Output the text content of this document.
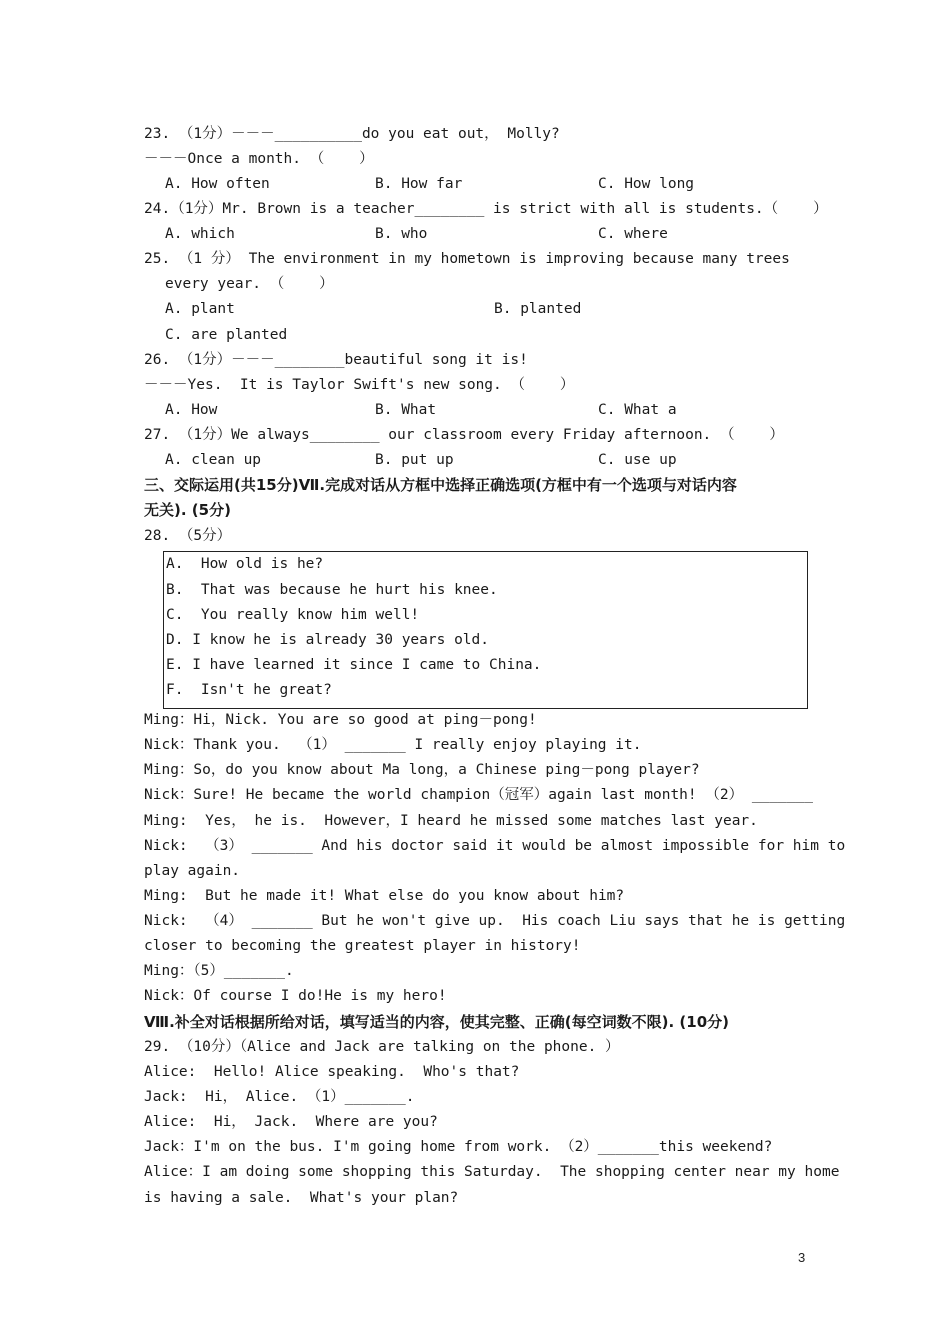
23. （1分）－－－__________do you eat out， Molly?
－－－Once a month. （    ）
A. How often	B. How far	C. How long
24.（1分）Mr. Brown is a teacher________ is strict with all is students.（    ）
A. which	B. who	C. where
25. （1 分） The environment in my hometown is improving because many trees
every year. （    ）
A. plant	B. planted
C. are planted
26. （1分）－－－________beautiful song it is!
－－－Yes.  It is Taylor Swift's new song. （    ）
A. How	B. What	C. What a
27. （1分）We always________ our classroom every Friday afternoon. （    ）
A. clean up	B. put up	C. use up
三、交际运用(共15分)Ⅶ.完成对话从方框中选择正确选项(方框中有一个选项与对话内容
无关). (5分)
28. （5分）
A.  How old is he?
B.  That was because he hurt his knee.
C.  You really know him well!
D. I know he is already 30 years old.
E. I have learned it since I came to China.
F.  Isn't he great?
Ming：Hi，Nick. You are so good at ping－pong!
Nick：Thank you.  （1） _______ I really enjoy playing it.
Ming：So，do you know about Ma long，a Chinese ping－pong player?
Nick：Sure! He became the world champion（冠军）again last month! （2） _______
Ming:  Yes， he is.  However，I heard he missed some matches last year.
Nick:  （3） _______ And his doctor said it would be almost impossible for him to
play again.
Ming:  But he made it! What else do you know about him?
Nick:  （4） _______ But he won't give up.  His coach Liu says that he is getting
closer to becoming the greatest player in history!
Ming：（5）_______.
Nick：Of course I do!He is my hero!
Ⅷ.补全对话根据所给对话，填写适当的内容，使其完整、正确(每空词数不限). (10分)
29. （10分）（Alice and Jack are talking on the phone. ）
Alice:  Hello! Alice speaking.  Who's that?
Jack:  Hi， Alice. （1）_______.
Alice:  Hi， Jack.  Where are you?
Jack：I'm on the bus. I'm going home from work. （2）_______this weekend?
Alice：I am doing some shopping this Saturday.  The shopping center near my home
is having a sale.  What's your plan?
3
